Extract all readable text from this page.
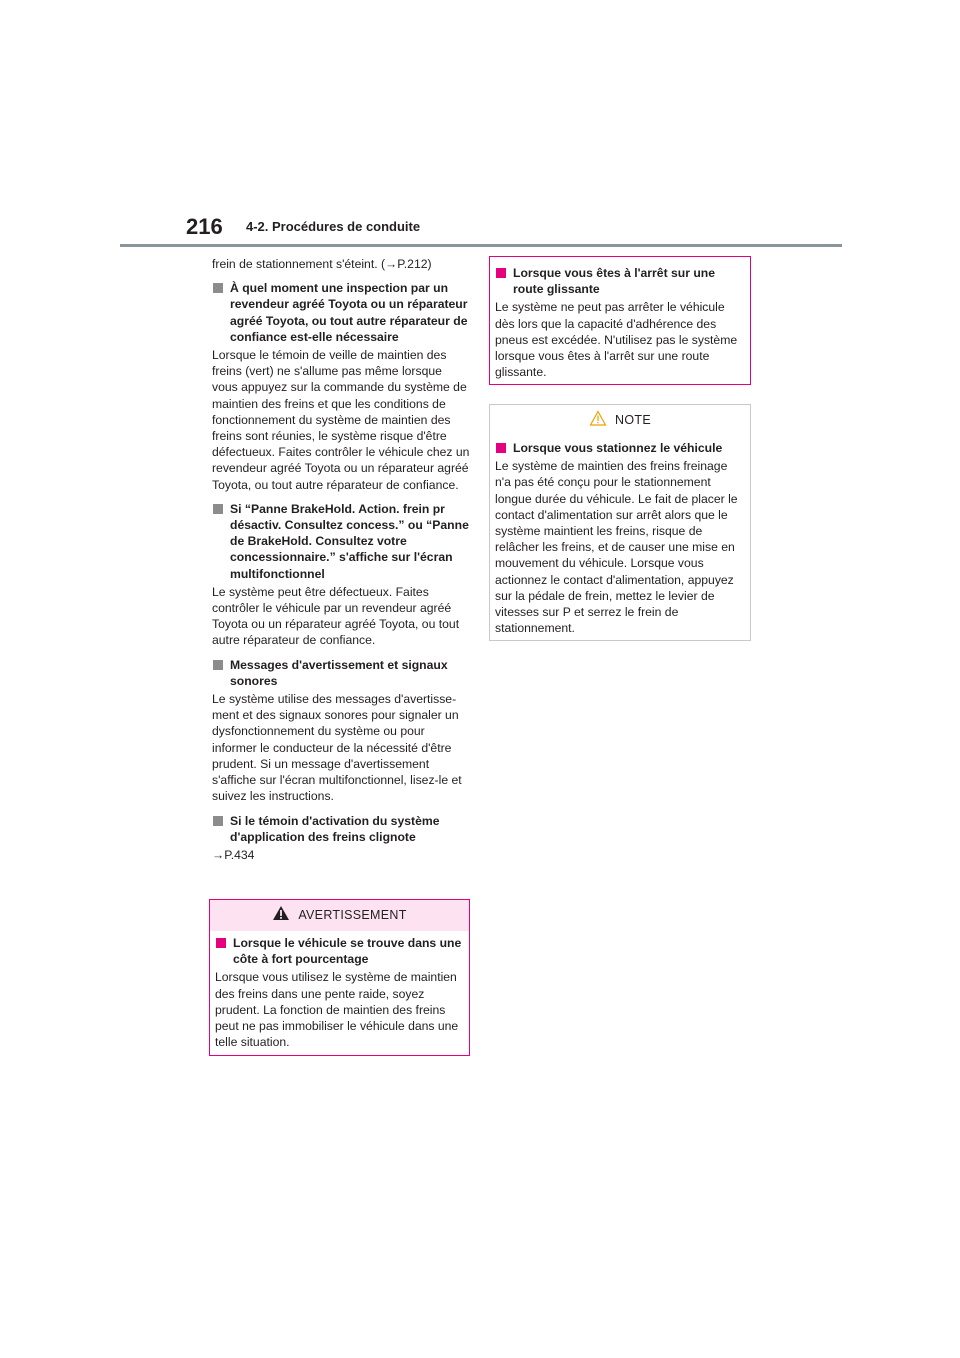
216 4-2. Procédures de conduite

frein de stationnement s'éteint. (→P.212)

À quel moment une inspection par un revendeur agréé Toyota ou un réparateur agréé Toyota, ou tout autre réparateur de confiance est-elle nécessaire

Lorsque le témoin de veille de maintien des freins (vert) ne s'allume pas même lorsque vous appuyez sur la commande du système de maintien des freins et que les conditions de fonctionnement du système de maintien des freins sont réunies, le système risque d'être défectueux. Faites contrôler le véhicule chez un revendeur agréé Toyota ou un réparateur agréé Toyota, ou tout autre réparateur de confiance.

Si “Panne BrakeHold. Action. frein pr désactiv. Consultez concess.” ou “Panne de BrakeHold. Consultez votre concessionnaire.” s'affiche sur l'écran multifonctionnel

Le système peut être défectueux. Faites contrôler le véhicule par un revendeur agréé Toyota ou un réparateur agréé Toyota, ou tout autre réparateur de confiance.

Messages d'avertissement et signaux sonores

Le système utilise des messages d'avertissement et des signaux sonores pour signaler un dysfonctionnement du système ou pour informer le conducteur de la nécessité d'être prudent. Si un message d'avertissement s'affiche sur l'écran multifonctionnel, lisez-le et suivez les instructions.

Si le témoin d'activation du système d'application des freins clignote

→P.434

AVERTISSEMENT
Lorsque le véhicule se trouve dans une côte à fort pourcentage

Lorsque vous utilisez le système de maintien des freins dans une pente raide, soyez prudent. La fonction de maintien des freins peut ne pas immobiliser le véhicule dans une telle situation.

Lorsque vous êtes à l'arrêt sur une route glissante

Le système ne peut pas arrêter le véhicule dès lors que la capacité d'adhérence des pneus est excédée. N'utilisez pas le système lorsque vous êtes à l'arrêt sur une route glissante.

NOTE
Lorsque vous stationnez le véhicule

Le système de maintien des freins freinage n'a pas été conçu pour le stationnement longue durée du véhicule. Le fait de placer le contact d'alimentation sur arrêt alors que le système maintient les freins, risque de relâcher les freins, et de causer une mise en mouvement du véhicule. Lorsque vous actionnez le contact d'alimentation, appuyez sur la pédale de frein, mettez le levier de vitesses sur P et serrez le frein de stationnement.
